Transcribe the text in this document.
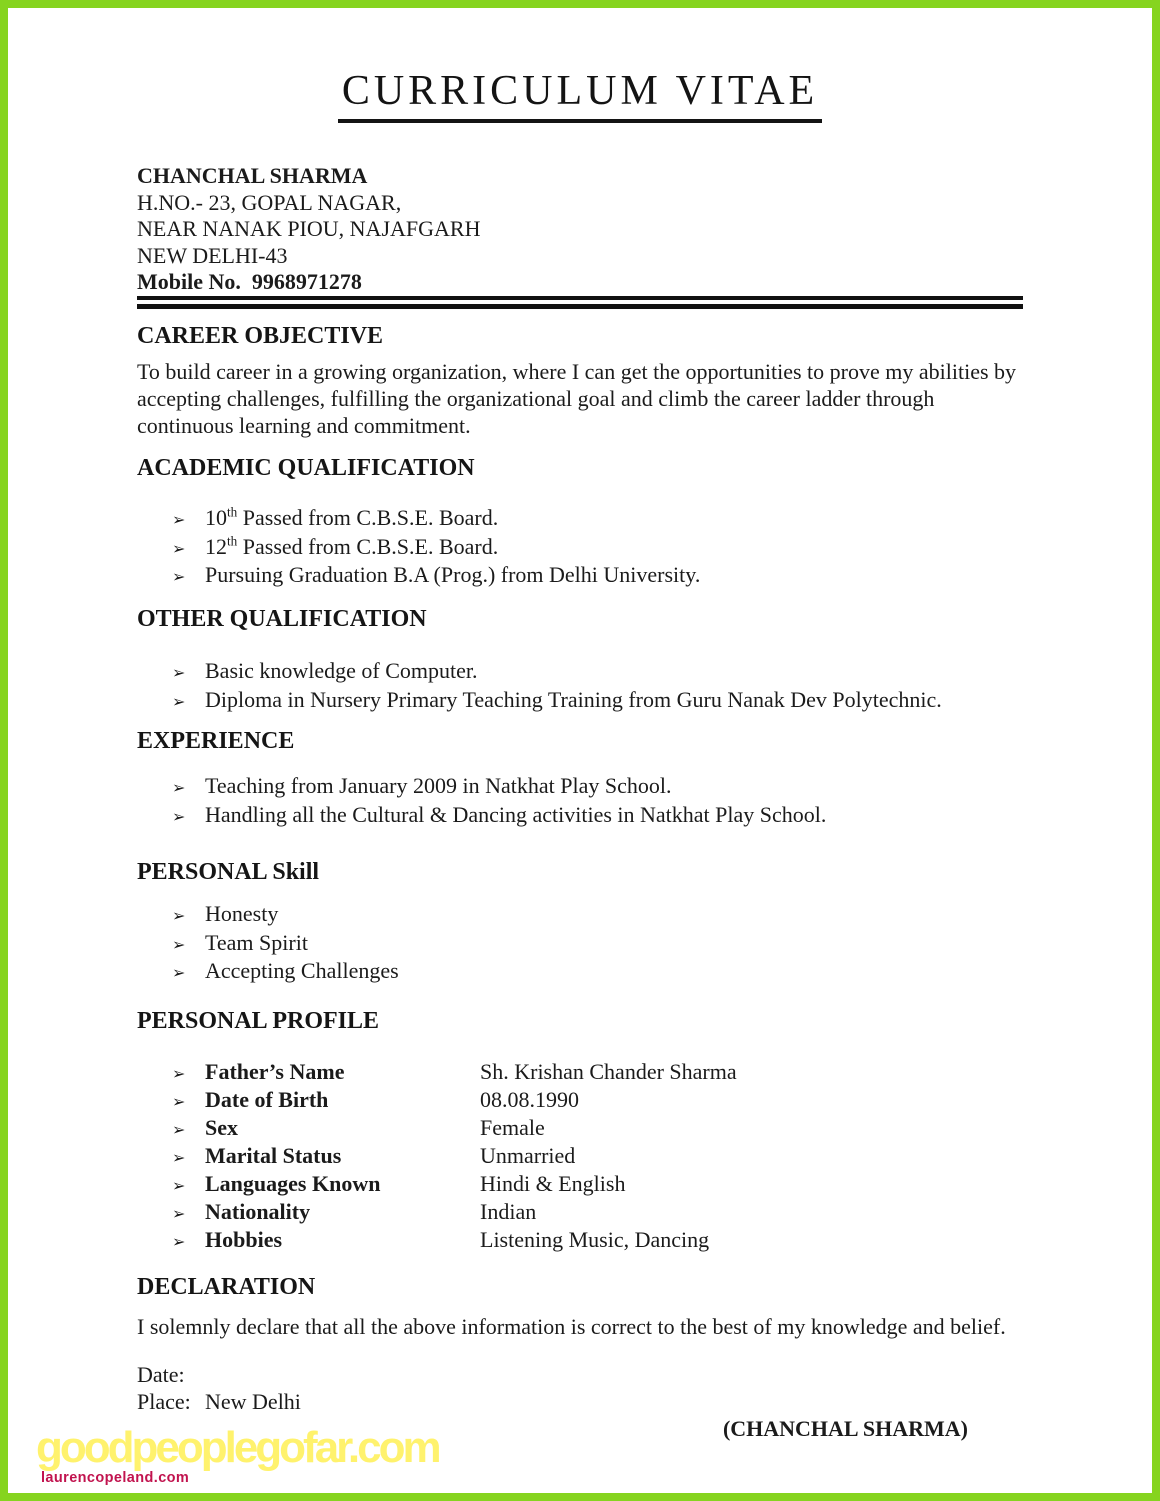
CURRICULUM VITAE
CHANCHAL SHARMA
H.NO.- 23, GOPAL NAGAR,
NEAR NANAK PIOU, NAJAFGARH
NEW DELHI-43
Mobile No.  9968971278
CAREER OBJECTIVE
To build career in a growing organization, where I can get the opportunities to prove my abilities by accepting challenges, fulfilling the organizational goal and climb the career ladder through continuous learning and commitment.
ACADEMIC QUALIFICATION
➢ 10th Passed from C.B.S.E. Board.
➢ 12th Passed from C.B.S.E. Board.
➢ Pursuing Graduation B.A (Prog.) from Delhi University.
OTHER QUALIFICATION
➢ Basic knowledge of Computer.
➢ Diploma in Nursery Primary Teaching Training from Guru Nanak Dev Polytechnic.
EXPERIENCE
➢ Teaching from January 2009 in Natkhat Play School.
➢ Handling all the Cultural & Dancing activities in Natkhat Play School.
PERSONAL Skill
➢ Honesty
➢ Team Spirit
➢ Accepting Challenges
PERSONAL PROFILE
➢ Father’s Name	Sh. Krishan Chander Sharma
➢ Date of Birth	08.08.1990
➢ Sex	Female
➢ Marital Status	Unmarried
➢ Languages Known	Hindi & English
➢ Nationality	Indian
➢ Hobbies	Listening Music, Dancing
DECLARATION
I solemnly declare that all the above information is correct to the best of my knowledge and belief.
Date:
Place: New Delhi
(CHANCHAL SHARMA)
goodpeoplegofar.com
laurencopeland.com
